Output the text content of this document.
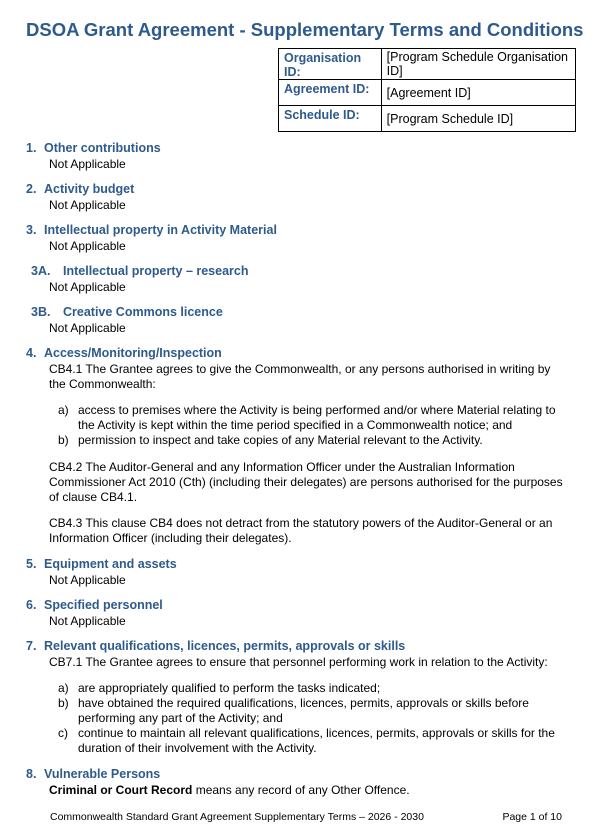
DSOA Grant Agreement - Supplementary Terms and Conditions
Organisation ID:	[Program Schedule Organisation ID]
Agreement ID:	[Agreement ID]
Schedule ID:	[Program Schedule ID]
1. Other contributions
Not Applicable
2. Activity budget
Not Applicable
3. Intellectual property in Activity Material
Not Applicable
3A. Intellectual property – research
Not Applicable
3B. Creative Commons licence
Not Applicable
4. Access/Monitoring/Inspection
CB4.1 The Grantee agrees to give the Commonwealth, or any persons authorised in writing by the Commonwealth:
a) access to premises where the Activity is being performed and/or where Material relating to the Activity is kept within the time period specified in a Commonwealth notice; and
b) permission to inspect and take copies of any Material relevant to the Activity.
CB4.2 The Auditor-General and any Information Officer under the Australian Information Commissioner Act 2010 (Cth) (including their delegates) are persons authorised for the purposes of clause CB4.1.
CB4.3 This clause CB4 does not detract from the statutory powers of the Auditor-General or an Information Officer (including their delegates).
5. Equipment and assets
Not Applicable
6. Specified personnel
Not Applicable
7. Relevant qualifications, licences, permits, approvals or skills
CB7.1 The Grantee agrees to ensure that personnel performing work in relation to the Activity:
a) are appropriately qualified to perform the tasks indicated;
b) have obtained the required qualifications, licences, permits, approvals or skills before performing any part of the Activity; and
c) continue to maintain all relevant qualifications, licences, permits, approvals or skills for the duration of their involvement with the Activity.
8. Vulnerable Persons
Criminal or Court Record means any record of any Other Offence.
Commonwealth Standard Grant Agreement Supplementary Terms – 2026 - 2030	Page 1 of 10
